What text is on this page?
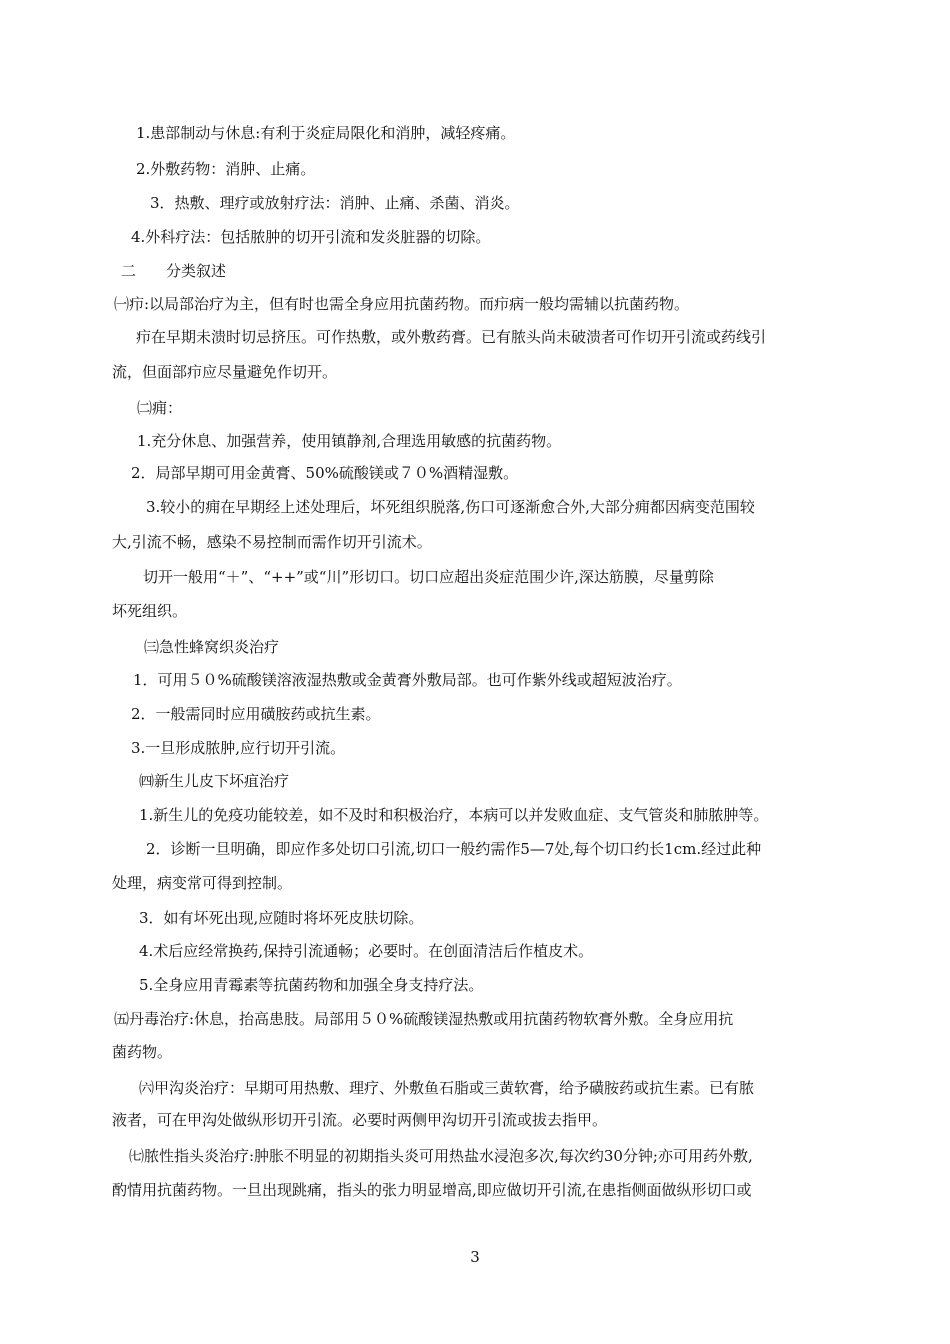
1.患部制动与休息:有利于炎症局限化和消肿，减轻疼痛。
2.外敷药物：消肿、止痛。
3．热敷、理疗或放射疗法：消肿、止痛、杀菌、消炎。
4.外科疗法：包括脓肿的切开引流和发炎脏器的切除。
二　　分类叙述
㈠疖:以局部治疗为主，但有时也需全身应用抗菌药物。而疖病一般均需辅以抗菌药物。
疖在早期未溃时切忌挤压。可作热敷，或外敷药膏。已有脓头尚未破溃者可作切开引流或药线引
流，但面部疖应尽量避免作切开。
㈡痈：
1.充分休息、加强营养，使用镇静剂,合理选用敏感的抗菌药物。
2．局部早期可用金黄膏、50%硫酸镁或７０%酒精湿敷。
3.较小的痈在早期经上述处理后，坏死组织脱落,伤口可逐渐愈合外,大部分痈都因病变范围较
大,引流不畅，感染不易控制而需作切开引流术。
切开一般用“＋”、“++”或“川”形切口。切口应超出炎症范围少许,深达筋膜，尽量剪除
坏死组织。
㈢急性蜂窝织炎治疗
1．可用５０%硫酸镁溶液湿热敷或金黄膏外敷局部。也可作紫外线或超短波治疗。
2．一般需同时应用磺胺药或抗生素。
3.一旦形成脓肿,应行切开引流。
㈣新生儿皮下坏疽治疗
1.新生儿的免疫功能较差，如不及时和积极治疗，本病可以并发败血症、支气管炎和肺脓肿等。
2．诊断一旦明确，即应作多处切口引流,切口一般约需作5—7处,每个切口约长1cm.经过此种
处理，病变常可得到控制。
3．如有坏死出现,应随时将坏死皮肤切除。
4.术后应经常换药,保持引流通畅；必要时。在创面清洁后作植皮术。
5.全身应用青霉素等抗菌药物和加强全身支持疗法。
㈤丹毒治疗:休息，抬高患肢。局部用５０%硫酸镁湿热敷或用抗菌药物软膏外敷。全身应用抗
菌药物。
㈥甲沟炎治疗：早期可用热敷、理疗、外敷鱼石脂或三黄软膏，给予磺胺药或抗生素。已有脓
液者，可在甲沟处做纵形切开引流。必要时两侧甲沟切开引流或拔去指甲。
㈦脓性指头炎治疗:肿胀不明显的初期指头炎可用热盐水浸泡多次,每次约30分钟;亦可用药外敷,
酌情用抗菌药物。一旦出现跳痛，指头的张力明显增高,即应做切开引流,在患指侧面做纵形切口或
3
